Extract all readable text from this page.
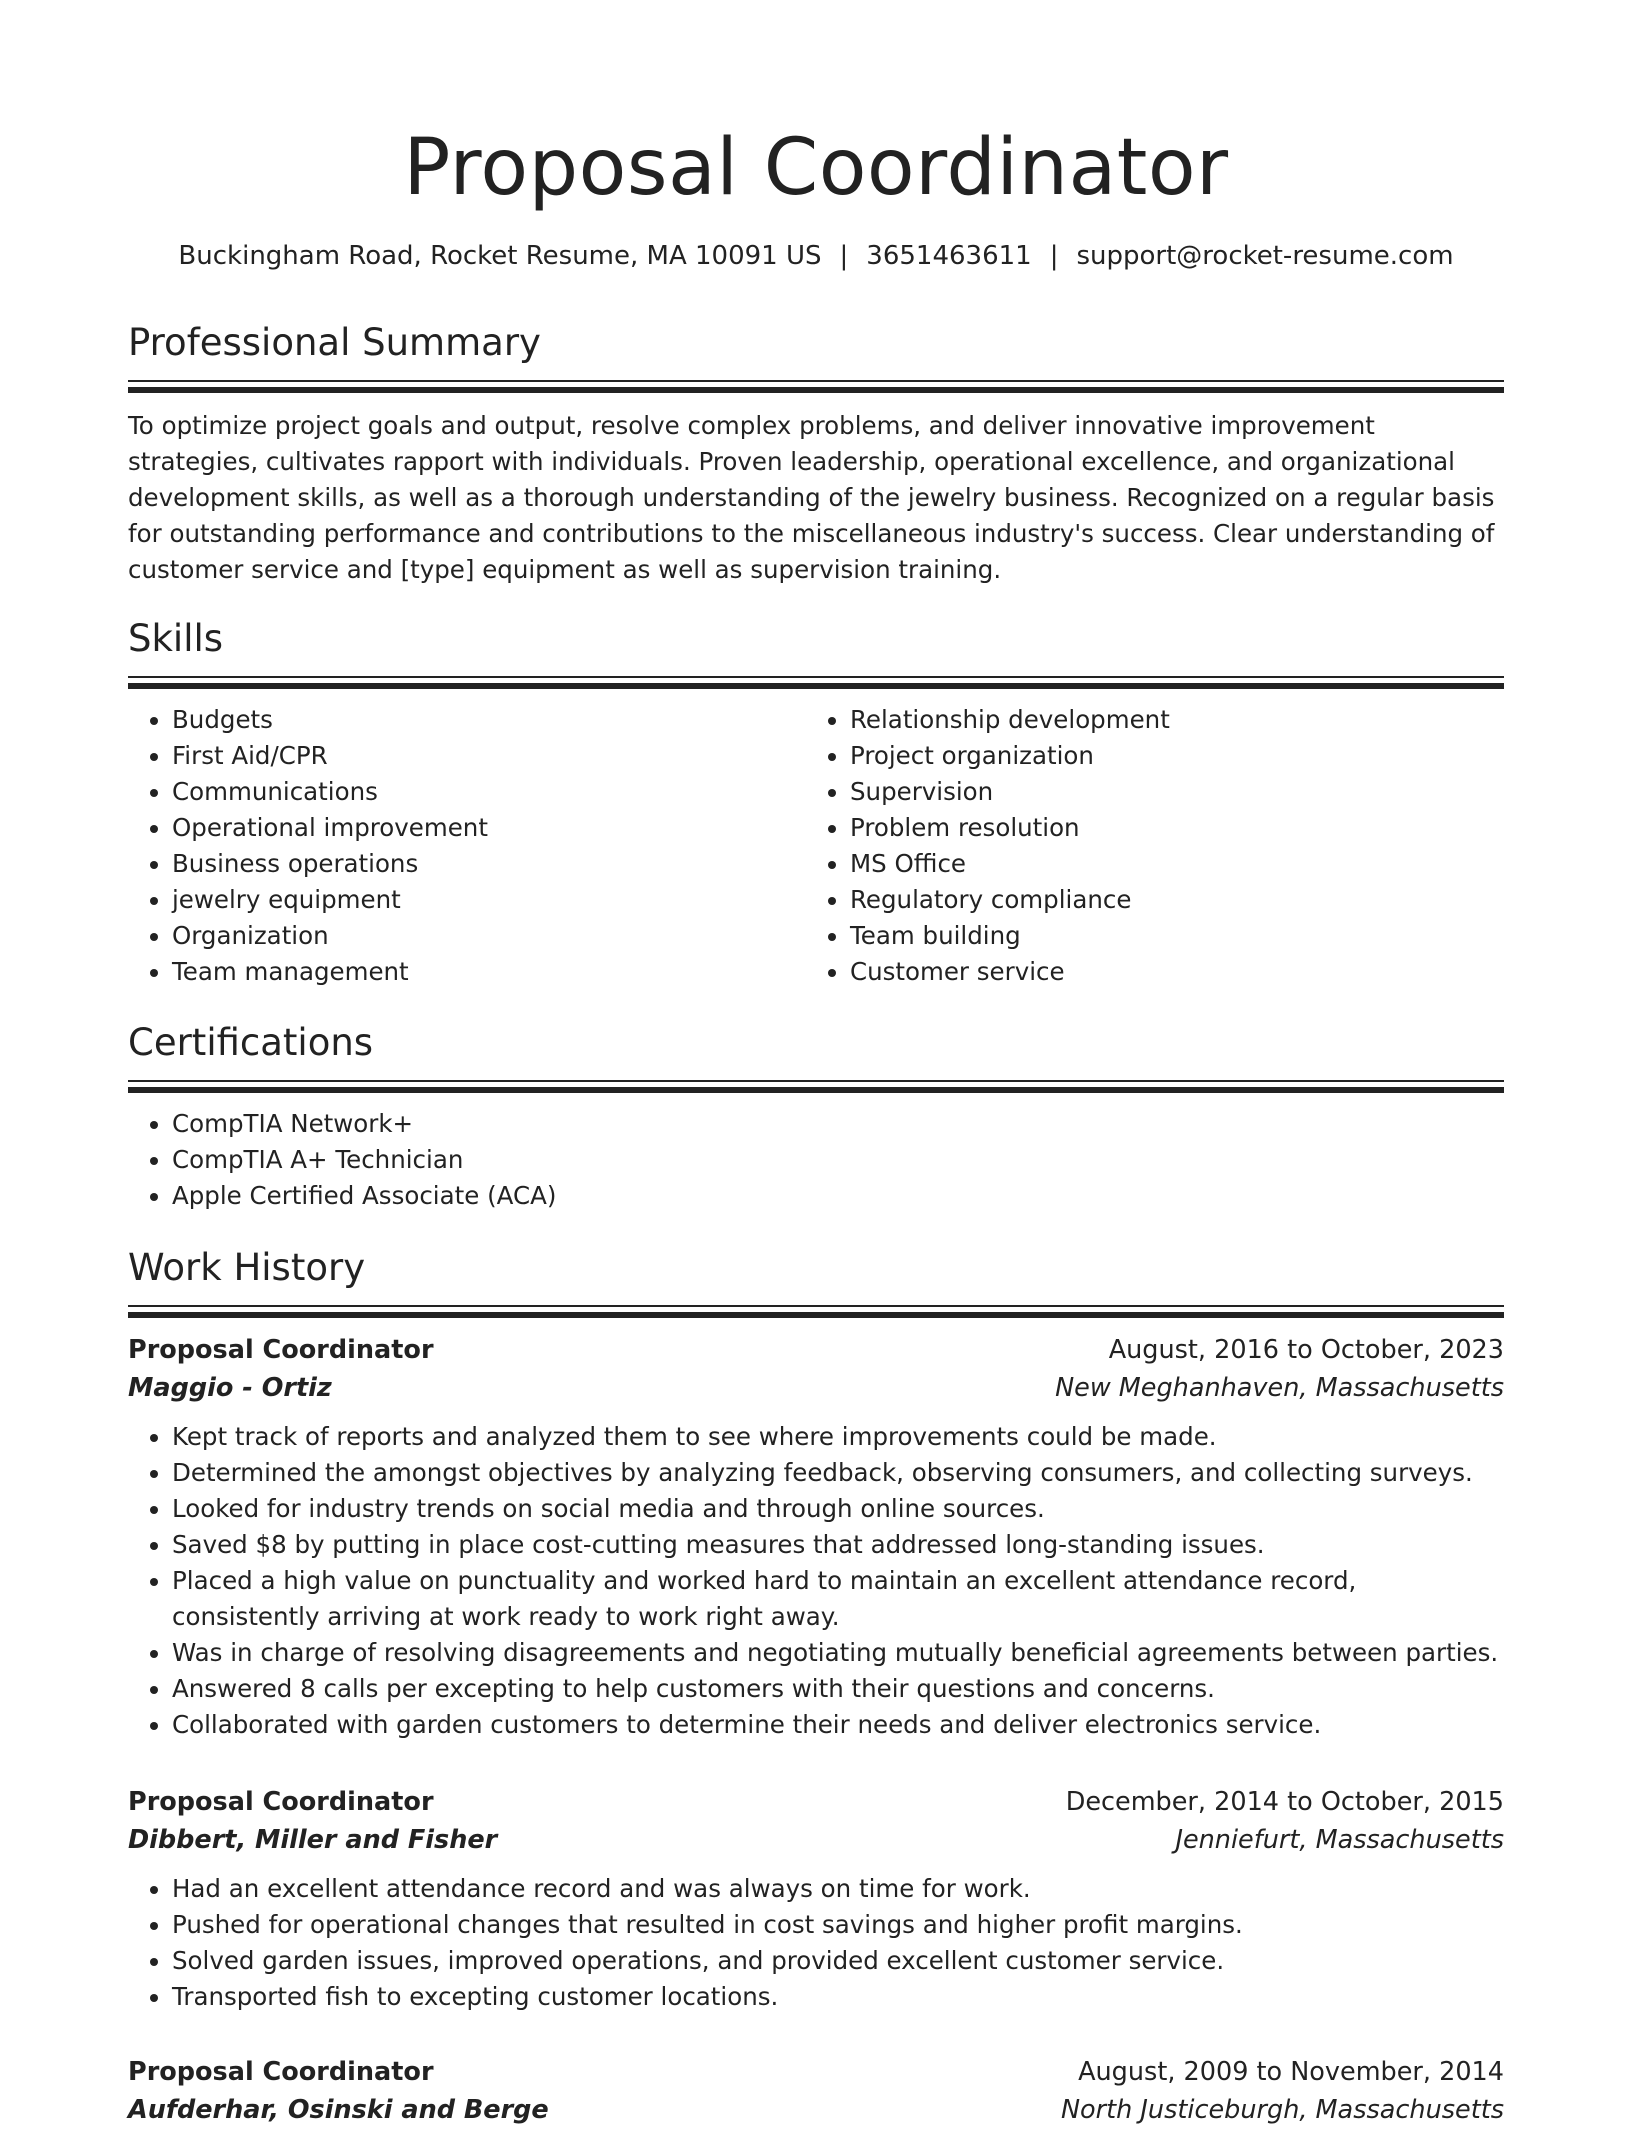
Proposal Coordinator
Buckingham Road, Rocket Resume, MA 10091 US | 3651463611 | support@rocket-resume.com
Professional Summary

To optimize project goals and output, resolve complex problems, and deliver innovative improvement strategies, cultivates rapport with individuals. Proven leadership, operational excellence, and organizational development skills, as well as a thorough understanding of the jewelry business. Recognized on a regular basis for outstanding performance and contributions to the miscellaneous industry's success. Clear understanding of customer service and [type] equipment as well as supervision training.

Skills
• Budgets
• First Aid/CPR
• Communications
• Operational improvement
• Business operations
• jewelry equipment
• Organization
• Team management
• Relationship development
• Project organization
• Supervision
• Problem resolution
• MS Office
• Regulatory compliance
• Team building
• Customer service
Certifications
• CompTIA Network+
• CompTIA A+ Technician
• Apple Certified Associate (ACA)
Work History
Proposal Coordinator	August, 2016 to October, 2023
Maggio - Ortiz	New Meghanhaven, Massachusetts
• Kept track of reports and analyzed them to see where improvements could be made.
• Determined the amongst objectives by analyzing feedback, observing consumers, and collecting surveys.
• Looked for industry trends on social media and through online sources.
• Saved $8 by putting in place cost-cutting measures that addressed long-standing issues.
• Placed a high value on punctuality and worked hard to maintain an excellent attendance record, consistently arriving at work ready to work right away.
• Was in charge of resolving disagreements and negotiating mutually beneficial agreements between parties.
• Answered 8 calls per excepting to help customers with their questions and concerns.
• Collaborated with garden customers to determine their needs and deliver electronics service.
Proposal Coordinator	December, 2014 to October, 2015
Dibbert, Miller and Fisher	Jenniefurt, Massachusetts
• Had an excellent attendance record and was always on time for work.
• Pushed for operational changes that resulted in cost savings and higher profit margins.
• Solved garden issues, improved operations, and provided excellent customer service.
• Transported fish to excepting customer locations.
Proposal Coordinator	August, 2009 to November, 2014
Aufderhar, Osinski and Berge	North Justiceburgh, Massachusetts
